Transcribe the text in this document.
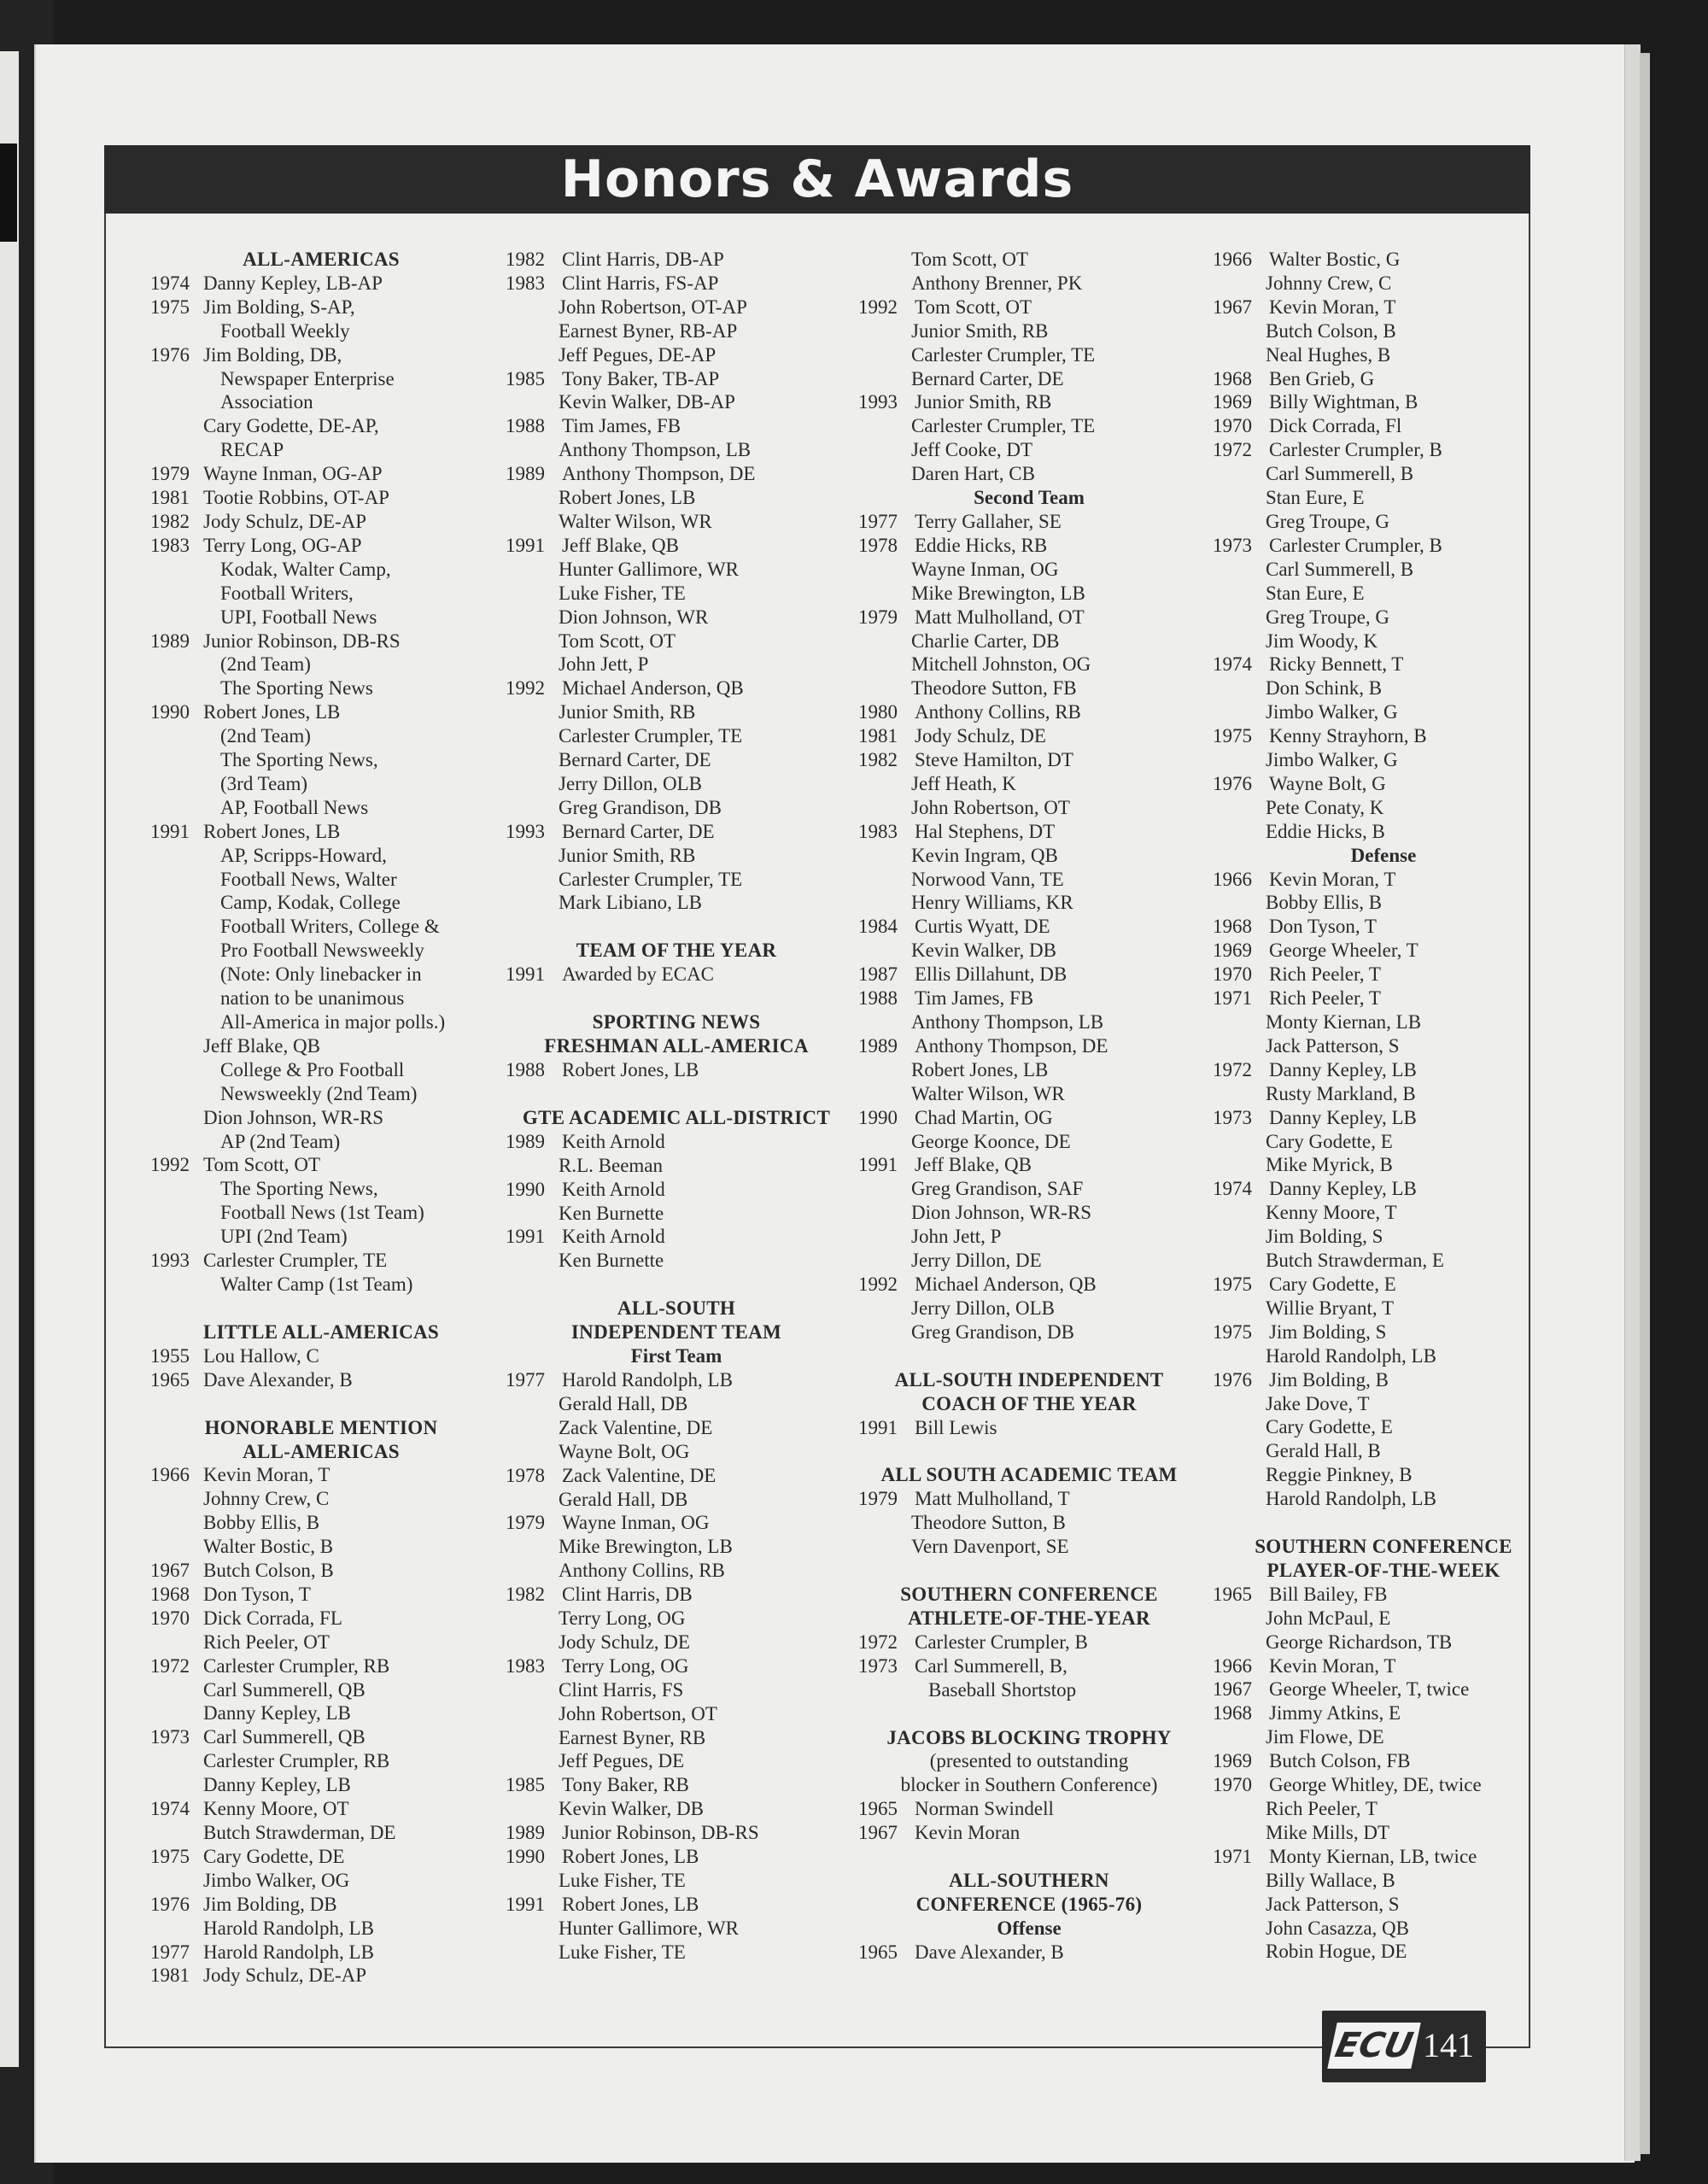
Honors & Awards
ALL-AMERICAS
1974 Danny Kepley, LB-AP
1975 Jim Bolding, S-AP,
Football Weekly
1976 Jim Bolding, DB,
Newspaper Enterprise
Association
Cary Godette, DE-AP,
RECAP
1979 Wayne Inman, OG-AP
1981 Tootie Robbins, OT-AP
1982 Jody Schulz, DE-AP
1983 Terry Long, OG-AP
Kodak, Walter Camp,
Football Writers,
UPI, Football News
1989 Junior Robinson, DB-RS
(2nd Team)
The Sporting News
1990 Robert Jones, LB
(2nd Team)
The Sporting News,
(3rd Team)
AP, Football News
1991 Robert Jones, LB
AP, Scripps-Howard,
Football News, Walter
Camp, Kodak, College
Football Writers, College &
Pro Football Newsweekly
(Note: Only linebacker in
nation to be unanimous
All-America in major polls.)
Jeff Blake, QB
College & Pro Football
Newsweekly (2nd Team)
Dion Johnson, WR-RS
AP (2nd Team)
1992 Tom Scott, OT
The Sporting News,
Football News (1st Team)
UPI (2nd Team)
1993 Carlester Crumpler, TE
Walter Camp (1st Team)
LITTLE ALL-AMERICAS
1955 Lou Hallow, C
1965 Dave Alexander, B
HONORABLE MENTION
ALL-AMERICAS
1966 Kevin Moran, T
Johnny Crew, C
Bobby Ellis, B
Walter Bostic, B
1967 Butch Colson, B
1968 Don Tyson, T
1970 Dick Corrada, FL
Rich Peeler, OT
1972 Carlester Crumpler, RB
Carl Summerell, QB
Danny Kepley, LB
1973 Carl Summerell, QB
Carlester Crumpler, RB
Danny Kepley, LB
1974 Kenny Moore, OT
Butch Strawderman, DE
1975 Cary Godette, DE
Jimbo Walker, OG
1976 Jim Bolding, DB
Harold Randolph, LB
1977 Harold Randolph, LB
1981 Jody Schulz, DE-AP
1982 Clint Harris, DB-AP
1983 Clint Harris, FS-AP
John Robertson, OT-AP
Earnest Byner, RB-AP
Jeff Pegues, DE-AP
1985 Tony Baker, TB-AP
Kevin Walker, DB-AP
1988 Tim James, FB
Anthony Thompson, LB
1989 Anthony Thompson, DE
Robert Jones, LB
Walter Wilson, WR
1991 Jeff Blake, QB
Hunter Gallimore, WR
Luke Fisher, TE
Dion Johnson, WR
Tom Scott, OT
John Jett, P
1992 Michael Anderson, QB
Junior Smith, RB
Carlester Crumpler, TE
Bernard Carter, DE
Jerry Dillon, OLB
Greg Grandison, DB
1993 Bernard Carter, DE
Junior Smith, RB
Carlester Crumpler, TE
Mark Libiano, LB
TEAM OF THE YEAR
1991 Awarded by ECAC
SPORTING NEWS
FRESHMAN ALL-AMERICA
1988 Robert Jones, LB
GTE ACADEMIC ALL-DISTRICT
1989 Keith Arnold
R.L. Beeman
1990 Keith Arnold
Ken Burnette
1991 Keith Arnold
Ken Burnette
ALL-SOUTH
INDEPENDENT TEAM
First Team
1977 Harold Randolph, LB
Gerald Hall, DB
Zack Valentine, DE
Wayne Bolt, OG
1978 Zack Valentine, DE
Gerald Hall, DB
1979 Wayne Inman, OG
Mike Brewington, LB
Anthony Collins, RB
1982 Clint Harris, DB
Terry Long, OG
Jody Schulz, DE
1983 Terry Long, OG
Clint Harris, FS
John Robertson, OT
Earnest Byner, RB
Jeff Pegues, DE
1985 Tony Baker, RB
Kevin Walker, DB
1989 Junior Robinson, DB-RS
1990 Robert Jones, LB
Luke Fisher, TE
1991 Robert Jones, LB
Hunter Gallimore, WR
Luke Fisher, TE
Tom Scott, OT
Anthony Brenner, PK
1992 Tom Scott, OT
Junior Smith, RB
Carlester Crumpler, TE
Bernard Carter, DE
1993 Junior Smith, RB
Carlester Crumpler, TE
Jeff Cooke, DT
Daren Hart, CB
Second Team
1977 Terry Gallaher, SE
1978 Eddie Hicks, RB
Wayne Inman, OG
Mike Brewington, LB
1979 Matt Mulholland, OT
Charlie Carter, DB
Mitchell Johnston, OG
Theodore Sutton, FB
1980 Anthony Collins, RB
1981 Jody Schulz, DE
1982 Steve Hamilton, DT
Jeff Heath, K
John Robertson, OT
1983 Hal Stephens, DT
Kevin Ingram, QB
Norwood Vann, TE
Henry Williams, KR
1984 Curtis Wyatt, DE
Kevin Walker, DB
1987 Ellis Dillahunt, DB
1988 Tim James, FB
Anthony Thompson, LB
1989 Anthony Thompson, DE
Robert Jones, LB
Walter Wilson, WR
1990 Chad Martin, OG
George Koonce, DE
1991 Jeff Blake, QB
Greg Grandison, SAF
Dion Johnson, WR-RS
John Jett, P
Jerry Dillon, DE
1992 Michael Anderson, QB
Jerry Dillon, OLB
Greg Grandison, DB
ALL-SOUTH INDEPENDENT
COACH OF THE YEAR
1991 Bill Lewis
ALL SOUTH ACADEMIC TEAM
1979 Matt Mulholland, T
Theodore Sutton, B
Vern Davenport, SE
SOUTHERN CONFERENCE
ATHLETE-OF-THE-YEAR
1972 Carlester Crumpler, B
1973 Carl Summerell, B,
Baseball Shortstop
JACOBS BLOCKING TROPHY
(presented to outstanding
blocker in Southern Conference)
1965 Norman Swindell
1967 Kevin Moran
ALL-SOUTHERN
CONFERENCE (1965-76)
Offense
1965 Dave Alexander, B
1966 Walter Bostic, G
Johnny Crew, C
1967 Kevin Moran, T
Butch Colson, B
Neal Hughes, B
1968 Ben Grieb, G
1969 Billy Wightman, B
1970 Dick Corrada, Fl
1972 Carlester Crumpler, B
Carl Summerell, B
Stan Eure, E
Greg Troupe, G
1973 Carlester Crumpler, B
Carl Summerell, B
Stan Eure, E
Greg Troupe, G
Jim Woody, K
1974 Ricky Bennett, T
Don Schink, B
Jimbo Walker, G
1975 Kenny Strayhorn, B
Jimbo Walker, G
1976 Wayne Bolt, G
Pete Conaty, K
Eddie Hicks, B
Defense
1966 Kevin Moran, T
Bobby Ellis, B
1968 Don Tyson, T
1969 George Wheeler, T
1970 Rich Peeler, T
1971 Rich Peeler, T
Monty Kiernan, LB
Jack Patterson, S
1972 Danny Kepley, LB
Rusty Markland, B
1973 Danny Kepley, LB
Cary Godette, E
Mike Myrick, B
1974 Danny Kepley, LB
Kenny Moore, T
Jim Bolding, S
Butch Strawderman, E
1975 Cary Godette, E
Willie Bryant, T
1975 Jim Bolding, S
Harold Randolph, LB
1976 Jim Bolding, B
Jake Dove, T
Cary Godette, E
Gerald Hall, B
Reggie Pinkney, B
Harold Randolph, LB
SOUTHERN CONFERENCE
PLAYER-OF-THE-WEEK
1965 Bill Bailey, FB
John McPaul, E
George Richardson, TB
1966 Kevin Moran, T
1967 George Wheeler, T, twice
1968 Jimmy Atkins, E
Jim Flowe, DE
1969 Butch Colson, FB
1970 George Whitley, DE, twice
Rich Peeler, T
Mike Mills, DT
1971 Monty Kiernan, LB, twice
Billy Wallace, B
Jack Patterson, S
John Casazza, QB
Robin Hogue, DE
ECU 141
